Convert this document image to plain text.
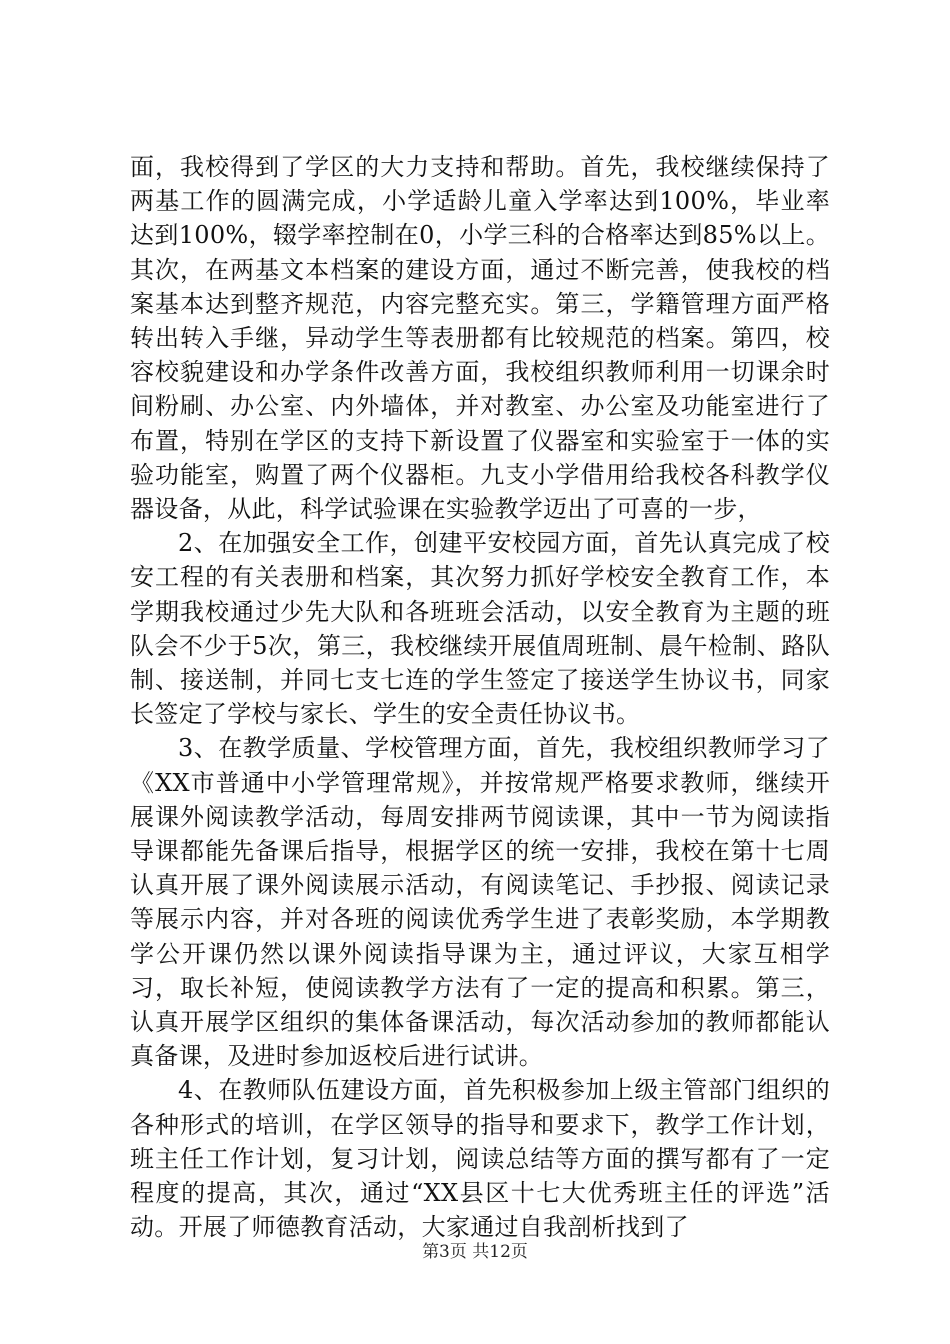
面，我校得到了学区的大力支持和帮助。首先，我校继续保持了两基工作的圆满完成，小学适龄儿童入学率达到100%，毕业率达到100%，辍学率控制在0，小学三科的合格率达到85%以上。其次，在两基文本档案的建设方面，通过不断完善，使我校的档案基本达到整齐规范，内容完整充实。第三，学籍管理方面严格转出转入手继，异动学生等表册都有比较规范的档案。第四，校容校貌建设和办学条件改善方面，我校组织教师利用一切课余时间粉刷、办公室、内外墙体，并对教室、办公室及功能室进行了布置，特别在学区的支持下新设置了仪器室和实验室于一体的实验功能室，购置了两个仪器柜。九支小学借用给我校各科教学仪器设备，从此，科学试验课在实验教学迈出了可喜的一步，

2、在加强安全工作，创建平安校园方面，首先认真完成了校安工程的有关表册和档案，其次努力抓好学校安全教育工作，本学期我校通过少先大队和各班班会活动，以安全教育为主题的班队会不少于5次，第三，我校继续开展值周班制、晨午检制、路队制、接送制，并同七支七连的学生签定了接送学生协议书，同家长签定了学校与家长、学生的安全责任协议书。

3、在教学质量、学校管理方面，首先，我校组织教师学习了《XX市普通中小学管理常规》，并按常规严格要求教师，继续开展课外阅读教学活动，每周安排两节阅读课，其中一节为阅读指导课都能先备课后指导，根据学区的统一安排，我校在第十七周认真开展了课外阅读展示活动，有阅读笔记、手抄报、阅读记录等展示内容，并对各班的阅读优秀学生进了表彰奖励，本学期教学公开课仍然以课外阅读指导课为主，通过评议，大家互相学习，取长补短，使阅读教学方法有了一定的提高和积累。第三，认真开展学区组织的集体备课活动，每次活动参加的教师都能认真备课，及进时参加返校后进行试讲。

4、在教师队伍建设方面，首先积极参加上级主管部门组织的各种形式的培训，在学区领导的指导和要求下，教学工作计划，班主任工作计划，复习计划，阅读总结等方面的撰写都有了一定程度的提高，其次，通过“XX县区十七大优秀班主任的评选”活动。开展了师德教育活动，大家通过自我剖析找到了

第3页 共12页
